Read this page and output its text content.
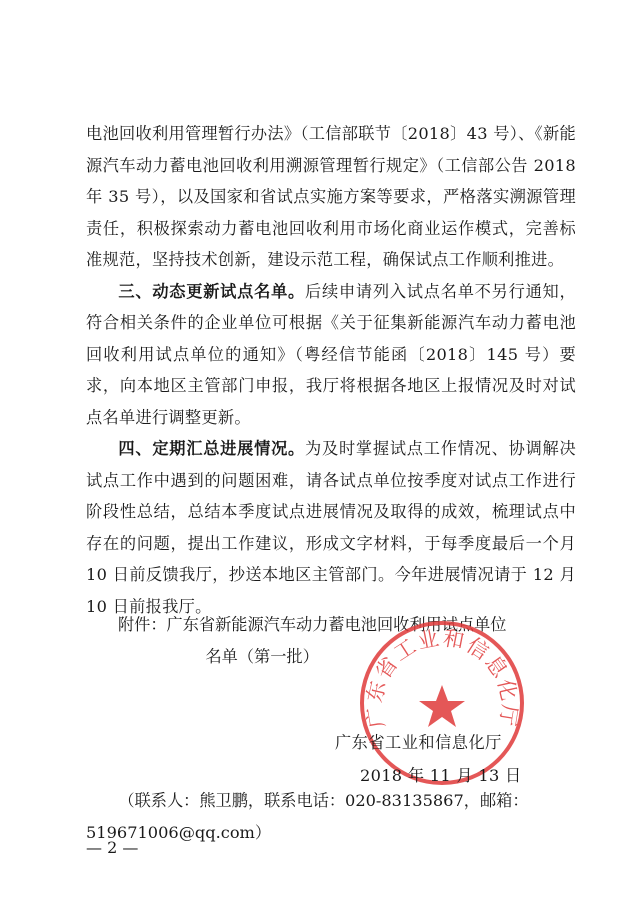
电池回收利用管理暂行办法》（工信部联节〔2018〕43 号）、《新能源汽车动力蓄电池回收利用溯源管理暂行规定》（工信部公告 2018 年 35 号），以及国家和省试点实施方案等要求，严格落实溯源管理责任，积极探索动力蓄电池回收利用市场化商业运作模式，完善标准规范，坚持技术创新，建设示范工程，确保试点工作顺利推进。

三、动态更新试点名单。后续申请列入试点名单不另行通知，符合相关条件的企业单位可根据《关于征集新能源汽车动力蓄电池回收利用试点单位的通知》（粤经信节能函〔2018〕145 号）要求，向本地区主管部门申报，我厅将根据各地区上报情况及时对试点名单进行调整更新。

四、定期汇总进展情况。为及时掌握试点工作情况、协调解决试点工作中遇到的问题困难，请各试点单位按季度对试点工作进行阶段性总结，总结本季度试点进展情况及取得的成效，梳理试点中存在的问题，提出工作建议，形成文字材料，于每季度最后一个月 10 日前反馈我厅，抄送本地区主管部门。今年进展情况请于 12 月 10 日前报我厅。

附件：广东省新能源汽车动力蓄电池回收利用试点单位
名单（第一批）
广东省工业和信息化厅
广东省工业和信息化厅
2018 年 11 月 13 日
（联系人：熊卫鹏，联系电话：020-83135867，邮箱：
519671006@qq.com）
— 2 —
